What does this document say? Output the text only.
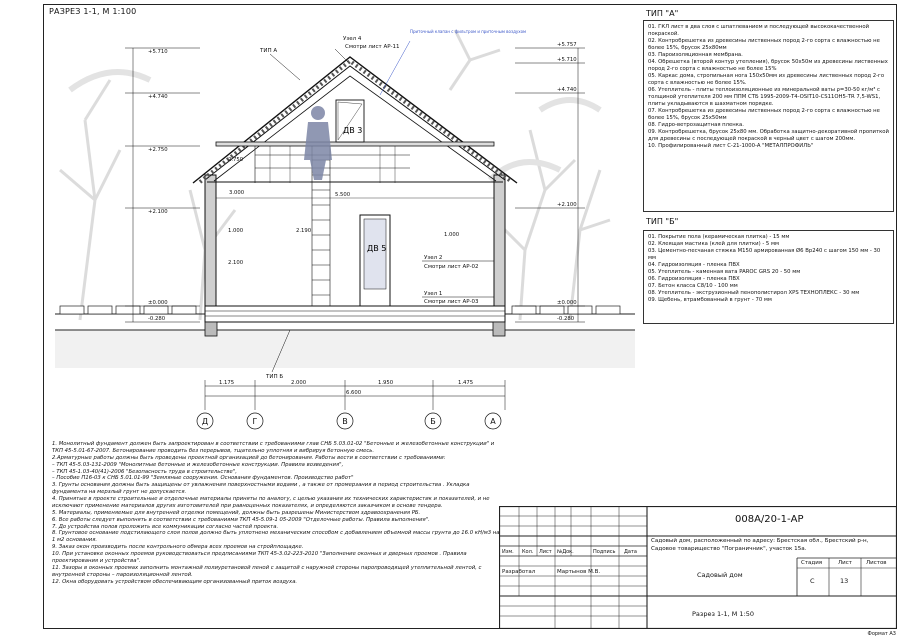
РАЗРЕЗ 1-1, М 1:100
ДВ 3
ДВ 5
+5.710
+4.740
+2.750
+2.100
±0.000
-0.280
+5.757
+5.710
+4.740
+2.100
±0.000
-0.280
5.500
3.000
1.000	2.190
2.100
1.000
2.750
Узел 4
Смотри лист АР-11
Узел 2
Смотри лист АР-02
Узел 1
Смотри лист АР-03
ТИП А
ТИП Б
Приточный клапан с фильтром и приточным воздухом
1.175	2.000	1.950	1.475
6.600
Д	Г	В	Б	А
ТИП "А"
01. ГКЛ лист в два слоя с шпатлеванием и последующей высококачественной покраской.
02. Контробрешетка из древесины лиственных пород 2-го сорта с влажностью не более 15%, брусок 25х80мм
03. Пароизоляционная мембрана.
04. Обрешетка (второй контур утепления), брусок 50х50м из древесины лиственных пород 2-го сорта с влажностью не более 15%
05. Каркас дома, стропильная нога 150х50мм из древесины лиственных пород 2-го сорта с влажностью не более 15%.
06. Утеплитель - плиты теплоизоляционные из минеральной ваты ρ=30-50 кг/м³ с толщиной утеплителя 200 мм ППМ СТБ 1995-2009-Т4-ОSIТ10-СS11ОН5-ТR 7,5-WS1, плиты укладываются в шахматном порядке.
07. Контробрешетка из древесины лиственных пород 2-го сорта с влажностью не более 15%, брусок 25х50мм
08. Гидро-ветрозащитная пленка.
09. Контробрешетка, брусок 25х80 мм. Обработка защитно-декоративной пропиткой для древесины с последующей покраской в черный цвет с шагом 200мм.
10. Профилированный лист С-21-1000-А "МЕТАЛПРОФИЛЬ"
ТИП "Б"
01. Покрытие пола (керамическая плитка) - 15 мм
02. Клеящая мастика (клей для плитки) - 5 мм
03. Цементно-песчаная стяжка М150 армированная Ø6 Вр240 с шагом 150 мм - 30 мм
04. Гидроизоляция - пленка ПВХ
05. Утеплитель - каменная вата PAROC GRS 20 - 50 мм
06. Гидроизоляция - пленка ПВХ
07. Бетон класса С8/10 - 100 мм
08. Утеплитель - экструзионный пенополистирол XPS ТЕХНОПЛЕКС - 30 мм
09. Щебень, втрамбованный в грунт - 70 мм

1. Монолитный фундамент должен быть запроектирован в соответствии с требованиями глав СНБ 5.03.01-02 "Бетонные и железобетонные конструкции" и ТКП 45-5.01-67-2007. Бетонирование проводить без перерывов, тщательно уплотняя и вибрируя бетонную смесь.

2.Арматурные работы должны быть проведены проектной организацией до бетонирования. Работы вести в соответствии с требованиями:

– ТКП 45-5.03-131-2009 "Монолитные бетонные и железобетонные конструкции. Правила возведения",

– ТКП 45-1.03-40(41)-2006 "Безопасность труда в строительстве",

– Пособие П16-03 к СНБ 5.01.01-99 "Земляные сооружения. Основания фундаментов. Производство работ"

3. Грунты основания должны быть защищены от увлажнения поверхностными водами , а также от промерзания в период строительства . Укладка фундамента на мерзлый грунт не допускается.

4. Принятые в проекте строительные и отделочные материалы приняты по аналогу, с целью указания их технических характеристик и показателей, и не исключают применение материалов других изготовителей при равноценных показателях, и определяются заказчиком в основе тендера.

5. Материалы, применяемые для внутренней отделки помещений, должны быть разрешены Министерством здравоохранения РБ.

6. Все работы следует выполнять в соответствии с требованиями ТКП 45-5.09-1 05-2009 "Отделочные работы. Правила выполнения".

7. До устройства полов проложить все коммуникации согласно частей проекта.

8. Грунтовое основание подстилающего слоя полов должно быть уплотнено механическим способом с добавлением объемной массы грунта до 16.0 кН/м3 на 1 м2 основания.

9. Заказ окон производить после контрольного обмера всех проемов на стройплощадке.

10. При установке оконных проемов руководствоваться предписаниями ТКП 45-3.02-223-2010 "Заполнение оконных и дверных проемов . Правила проектирования и устройства".

11. Зазоры в оконных проемах заполнить монтажной полиуретановой пеной с защитой с наружной стороны паропроводящей утеплительной лентой, с внутренней стороны – пароизоляционной лентой.

12. Окна оборудовать устройством обеспечивающим организованный приток воздуха.

008А/20-1-АР
Садовый дом, расположенный по адресу: Брестская обл., Брестский р-н, Садовое товарищество "Пограничник", участок 15а.
Изм. Кол. Лист №Док.	Подпись Дата
Разработал	Мартынов М.В.	Садовый дом
Стадия	Лист	Листов
С	13
Разрез 1-1, М 1:50
Формат А3
